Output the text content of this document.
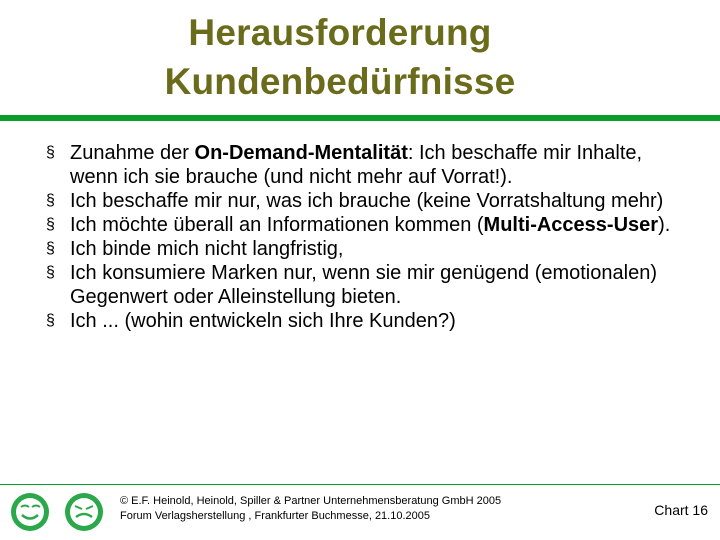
Herausforderung
Kundenbedürfnisse
§ Zunahme der On-Demand-Mentalität: Ich beschaffe mir Inhalte, wenn ich sie brauche (und nicht mehr auf Vorrat!).
§ Ich beschaffe mir nur, was ich brauche (keine Vorratshaltung mehr)
§ Ich möchte überall an Informationen kommen (Multi-Access-User).
§ Ich binde mich nicht langfristig,
§ Ich konsumiere Marken nur, wenn sie mir genügend (emotionalen) Gegenwert oder Alleinstellung bieten.
§ Ich ... (wohin entwickeln sich Ihre Kunden?)
© E.F. Heinold, Heinold, Spiller & Partner Unternehmensberatung GmbH 2005
Forum Verlagsherstellung , Frankfurter Buchmesse, 21.10.2005	Chart 16
